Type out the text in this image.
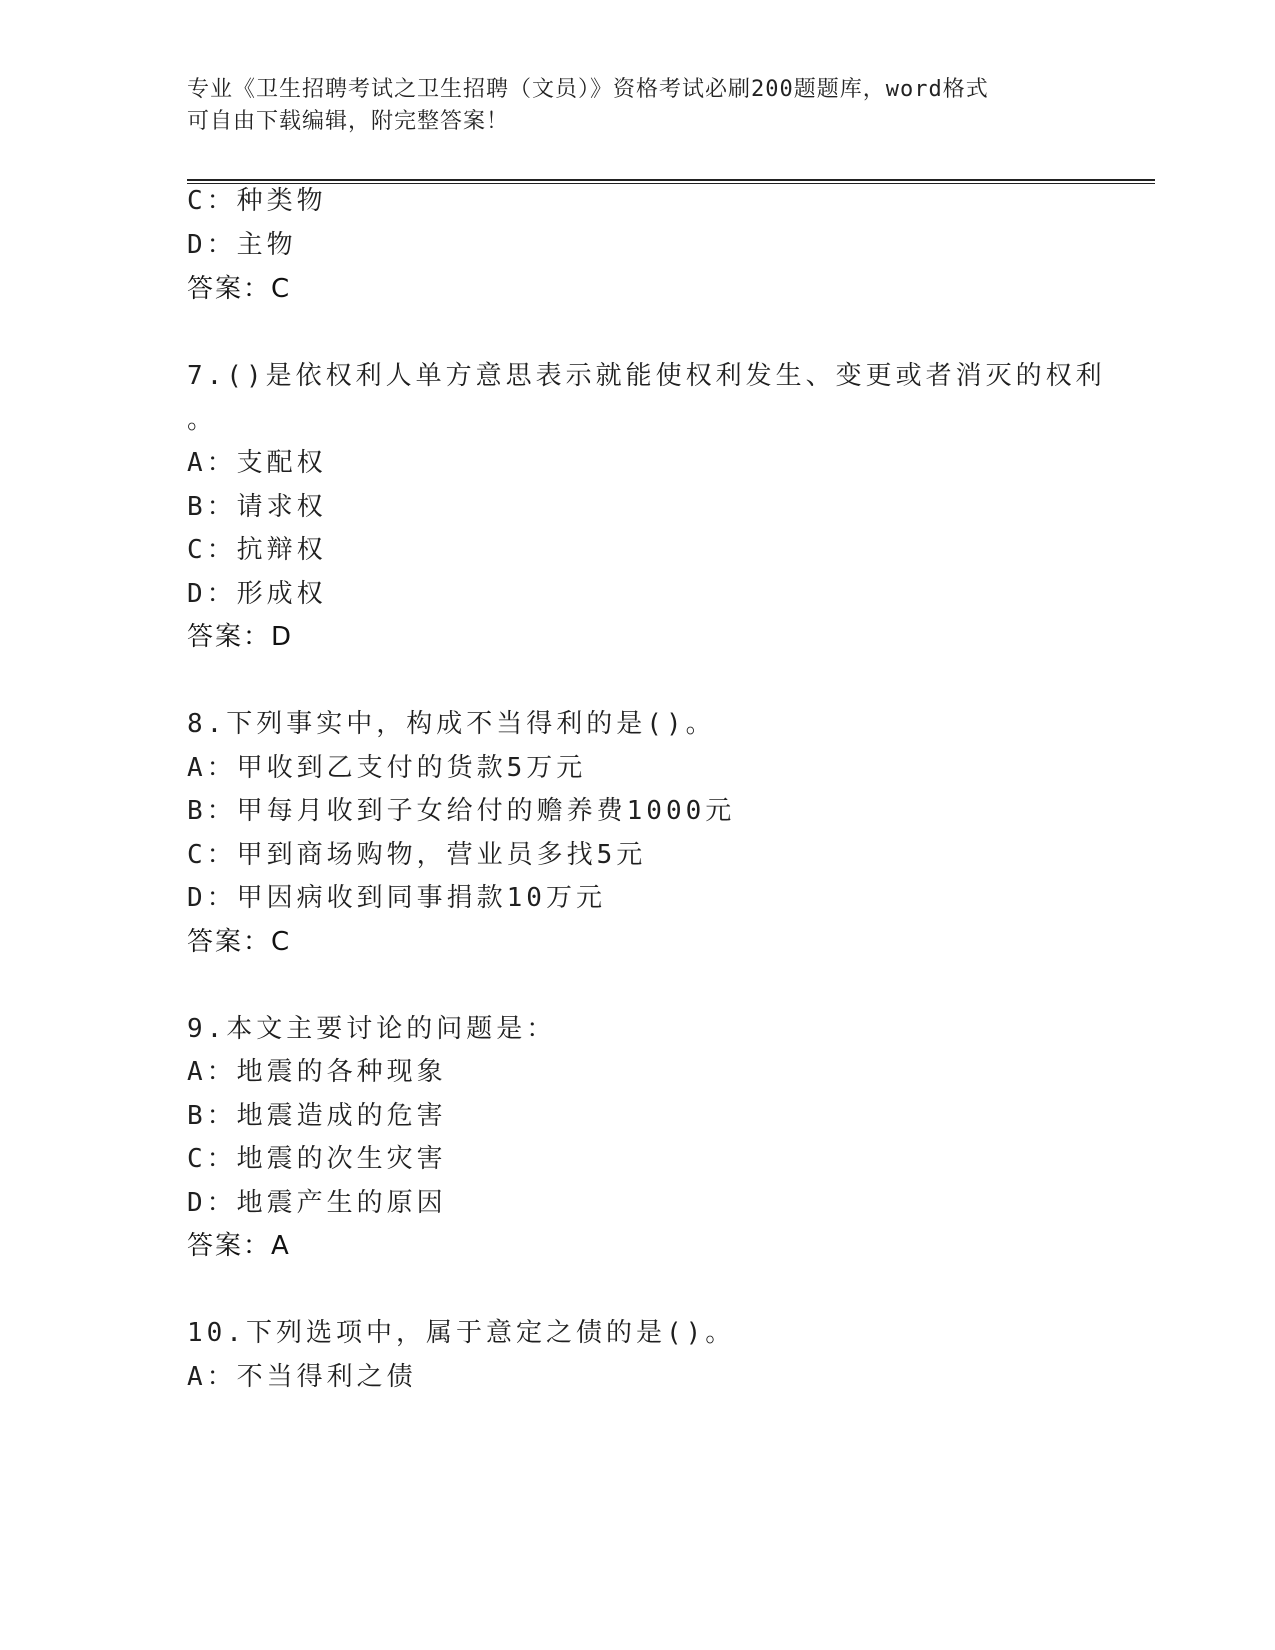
专业《卫生招聘考试之卫生招聘（文员）》资格考试必刷200题题库，word格式
可自由下载编辑，附完整答案！
C：种类物
D：主物
答案：C
7.()是依权利人单方意思表示就能使权利发生、变更或者消灭的权利
。
A：支配权
B：请求权
C：抗辩权
D：形成权
答案：D
8.下列事实中，构成不当得利的是()。
A：甲收到乙支付的货款5万元
B：甲每月收到子女给付的赡养费1000元
C：甲到商场购物，营业员多找5元
D：甲因病收到同事捐款10万元
答案：C
9.本文主要讨论的问题是：
A：地震的各种现象
B：地震造成的危害
C：地震的次生灾害
D：地震产生的原因
答案：A
10.下列选项中，属于意定之债的是()。
A：不当得利之债
